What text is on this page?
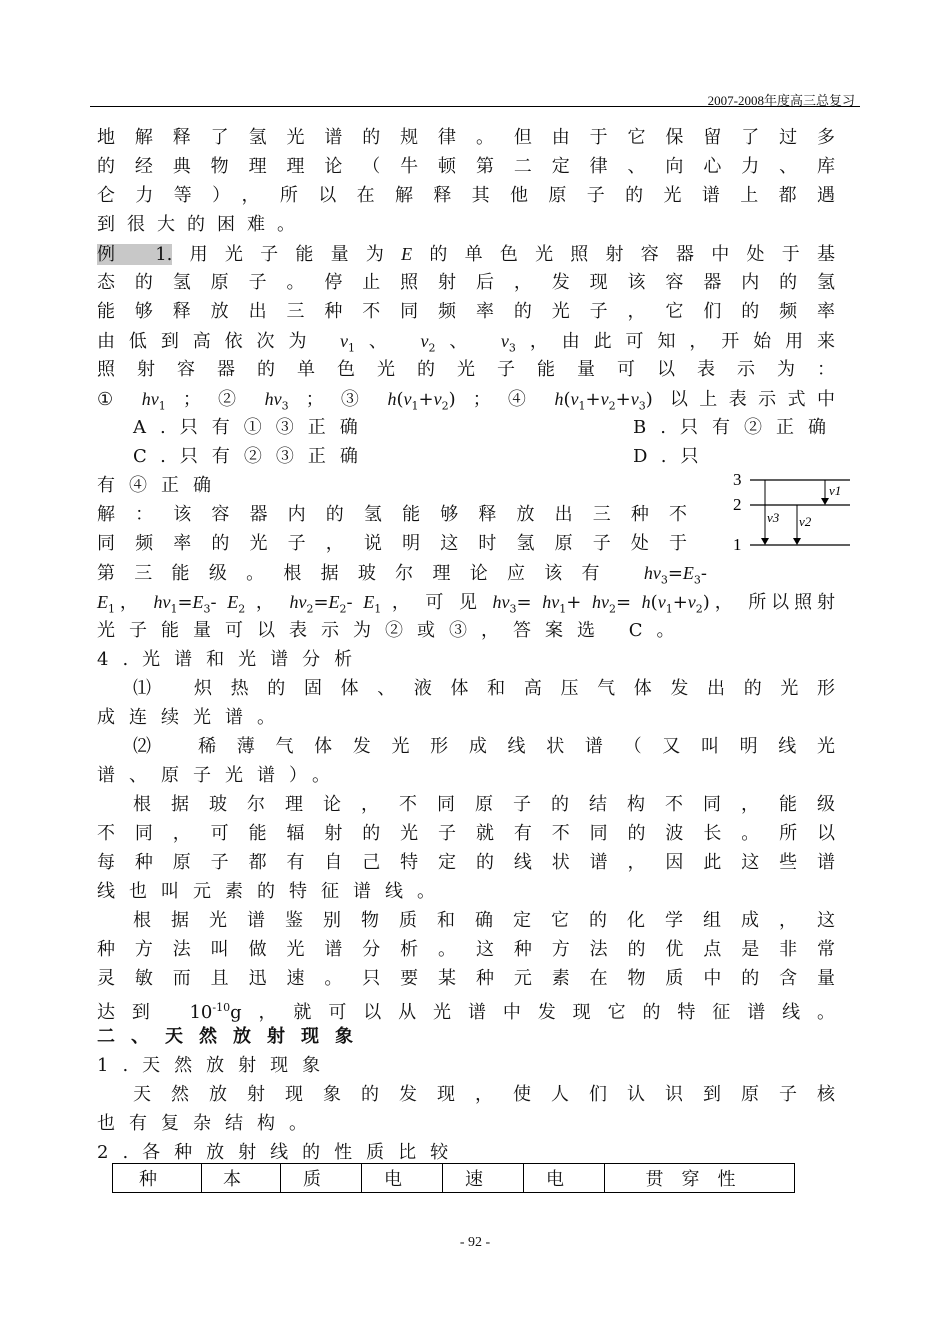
2007-2008年度高三总复习
地解释了氢光谱的规律。但由于它保留了过多
的经典物理理论（牛顿第二定律、向心力、库
仑力等），所以在解释其他原子的光谱上都遇
到很大的困难。
例 1.用光子能量为E的单色光照射容器中处于基
态的氢原子。停止照射后，发现该容器内的氢
能够释放出三种不同频率的光子，它们的频率
由低到高依次为 $\nu_1$、 $\nu_2$、 $\nu_3$，由此可知，开始用来
照射容器的单色光的光子能量可以表示为：
① $h\nu_1$ ； ② $h\nu_3$ ； ③ $h(\nu_1+\nu_2)$ ； ④ $h(\nu_1+\nu_2+\nu_3)$ 以上表示式中
A.只有①③正确	B.只有②正确
C.只有②③正确	D.只
有④正确
解：该容器内的氢能够释放出三种不
同频率的光子，说明这时氢原子处于
第三能级。根据玻尔理论应该有 $h\nu_3=E_3-$
$E_1$， $h\nu_1=E_3-$ $E_2$ ， $h\nu_2=E_2-$ $E_1$ ， 可 见 $h\nu_3= h\nu_1+ h\nu_2= h(\nu_1+\nu_2)$， 所以照射
光子能量可以表示为②或③，答案选 C。
3
2
1
ν1
ν3 ν2
4.光谱和光谱分析
⑴ 炽热的固体、液体和高压气体发出的光形
成连续光谱。
⑵ 稀薄气体发光形成线状谱（又叫明线光
谱、原子光谱）。
根据玻尔理论，不同原子的结构不同，能级
不同，可能辐射的光子就有不同的波长。所以
每种原子都有自己特定的线状谱，因此这些谱
线也叫元素的特征谱线。
根据光谱鉴别物质和确定它的化学组成，这
种方法叫做光谱分析。这种方法的优点是非常
灵敏而且迅速。只要某种元素在物质中的含量
达到 $10^{-10}g$，就可以从光谱中发现它的特征谱线。
二、天然放射现象
1.天然放射现象
天然放射现象的发现，使人们认识到原子核
也有复杂结构。
2.各种放射线的性质比较
种	本	质	电	速	电	贯穿性
- 92 -
